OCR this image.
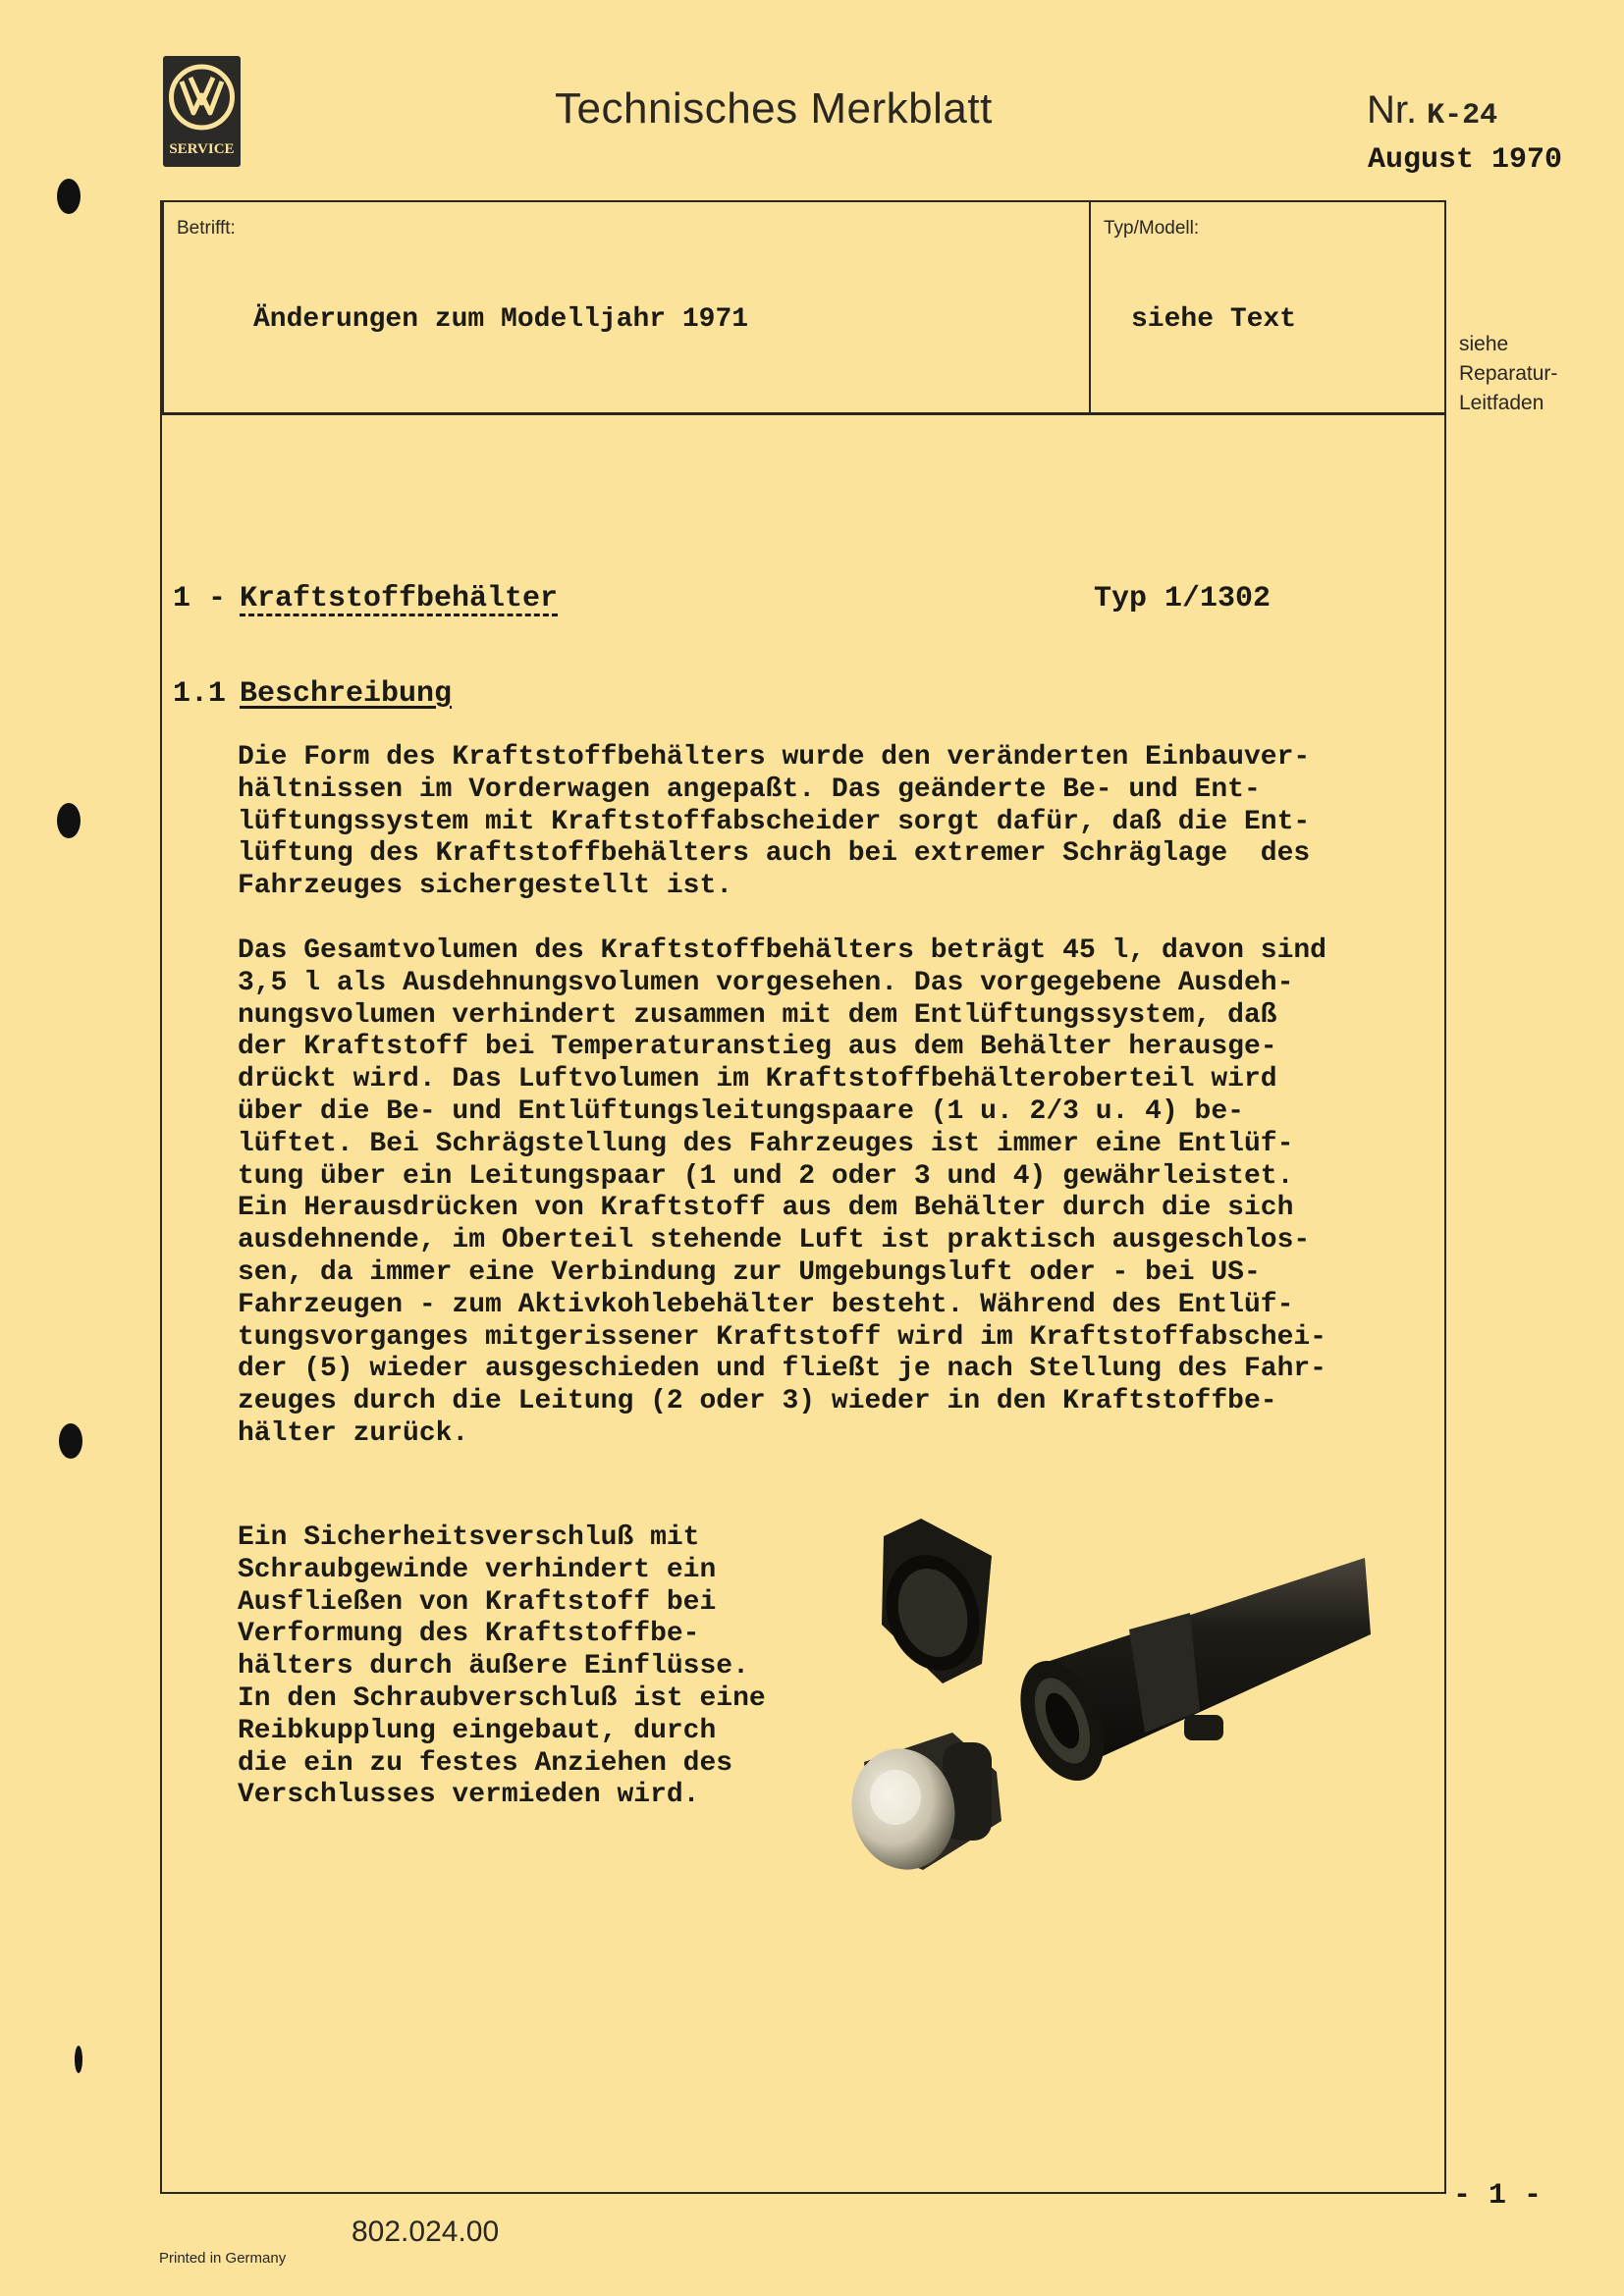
SERVICE
Technisches Merkblatt	Nr. K-24
August 1970
Betrifft:
Änderungen zum Modelljahr 1971
Typ/Modell:
siehe Text
siehe Reparatur-Leitfaden
1 - Kraftstoffbehälter	Typ 1/1302
1.1 Beschreibung
Die Form des Kraftstoffbehälters wurde den veränderten Einbauver-
hältnissen im Vorderwagen angepaßt. Das geänderte Be- und Ent-
lüftungssystem mit Kraftstoffabscheider sorgt dafür, daß die Ent-
lüftung des Kraftstoffbehälters auch bei extremer Schräglage  des
Fahrzeuges sichergestellt ist.
Das Gesamtvolumen des Kraftstoffbehälters beträgt 45 l, davon sind
3,5 l als Ausdehnungsvolumen vorgesehen. Das vorgegebene Ausdeh-
nungsvolumen verhindert zusammen mit dem Entlüftungssystem, daß
der Kraftstoff bei Temperaturanstieg aus dem Behälter herausge-
drückt wird. Das Luftvolumen im Kraftstoffbehälteroberteil wird
über die Be- und Entlüftungsleitungspaare (1 u. 2/3 u. 4) be-
lüftet. Bei Schrägstellung des Fahrzeuges ist immer eine Entlüf-
tung über ein Leitungspaar (1 und 2 oder 3 und 4) gewährleistet.
Ein Herausdrücken von Kraftstoff aus dem Behälter durch die sich
ausdehnende, im Oberteil stehende Luft ist praktisch ausgeschlos-
sen, da immer eine Verbindung zur Umgebungsluft oder - bei US-
Fahrzeugen - zum Aktivkohlebehälter besteht. Während des Entlüf-
tungsvorganges mitgerissener Kraftstoff wird im Kraftstoffabschei-
der (5) wieder ausgeschieden und fließt je nach Stellung des Fahr-
zeuges durch die Leitung (2 oder 3) wieder in den Kraftstoffbe-
hälter zurück.
Ein Sicherheitsverschluß mit
Schraubgewinde verhindert ein
Ausfließen von Kraftstoff bei
Verformung des Kraftstoffbe-
hälters durch äußere Einflüsse.
In den Schraubverschluß ist eine
Reibkupplung eingebaut, durch
die ein zu festes Anziehen des
Verschlusses vermieden wird.
- 1 -
Printed in Germany
802.024.00
